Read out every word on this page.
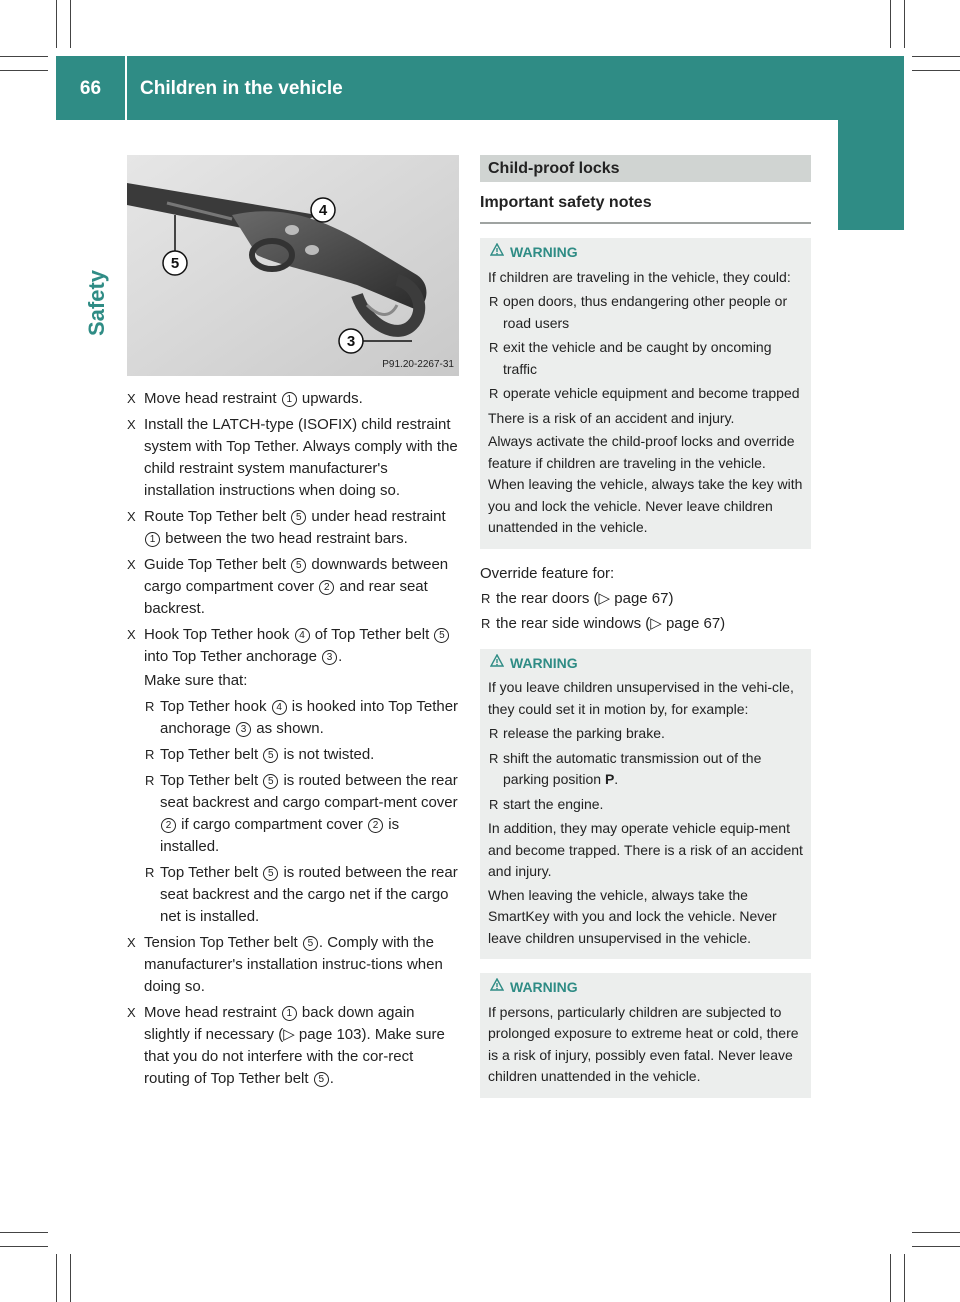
66	Children in the vehicle
Safety
4
5
3
P91.20-2267-31
X Move head restraint 1 upwards.
X Install the LATCH-type (ISOFIX) child restraint system with Top Tether. Always comply with the child restraint system manufacturer's installation instructions when doing so.
X Route Top Tether belt 5 under head restraint 1 between the two head restraint bars.
X Guide Top Tether belt 5 downwards between cargo compartment cover 2 and rear seat backrest.
X Hook Top Tether hook 4 of Top Tether belt 5 into Top Tether anchorage 3 .
Make sure that:
R Top Tether hook 4 is hooked into Top Tether anchorage 3 as shown.
R Top Tether belt 5 is not twisted.
R Top Tether belt 5 is routed between the rear seat backrest and cargo compart-ment cover 2 if cargo compartment cover 2 is installed.
R Top Tether belt 5 is routed between the rear seat backrest and the cargo net if the cargo net is installed.
X Tension Top Tether belt 5 . Comply with the manufacturer's installation instruc-tions when doing so.
X Move head restraint 1 back down again slightly if necessary (▷ page 103). Make sure that you do not interfere with the cor-rect routing of Top Tether belt 5 .
Child-proof locks
Important safety notes
WARNING

If children are traveling in the vehicle, they could:

R open doors, thus endangering other people or road users
R exit the vehicle and be caught by oncoming traffic
R operate vehicle equipment and become trapped

There is a risk of an accident and injury.

Always activate the child-proof locks and override feature if children are traveling in the vehicle. When leaving the vehicle, always take the key with you and lock the vehicle. Never leave children unattended in the vehicle.

Override feature for:
R the rear doors (▷ page 67)
R the rear side windows (▷ page 67)
WARNING

If you leave children unsupervised in the vehi-cle, they could set it in motion by, for example:

R release the parking brake.
R shift the automatic transmission out of the parking position P.
R start the engine.

In addition, they may operate vehicle equip-ment and become trapped. There is a risk of an accident and injury.

When leaving the vehicle, always take the SmartKey with you and lock the vehicle. Never leave children unsupervised in the vehicle.

WARNING

If persons, particularly children are subjected to prolonged exposure to extreme heat or cold, there is a risk of injury, possibly even fatal. Never leave children unattended in the vehicle.
